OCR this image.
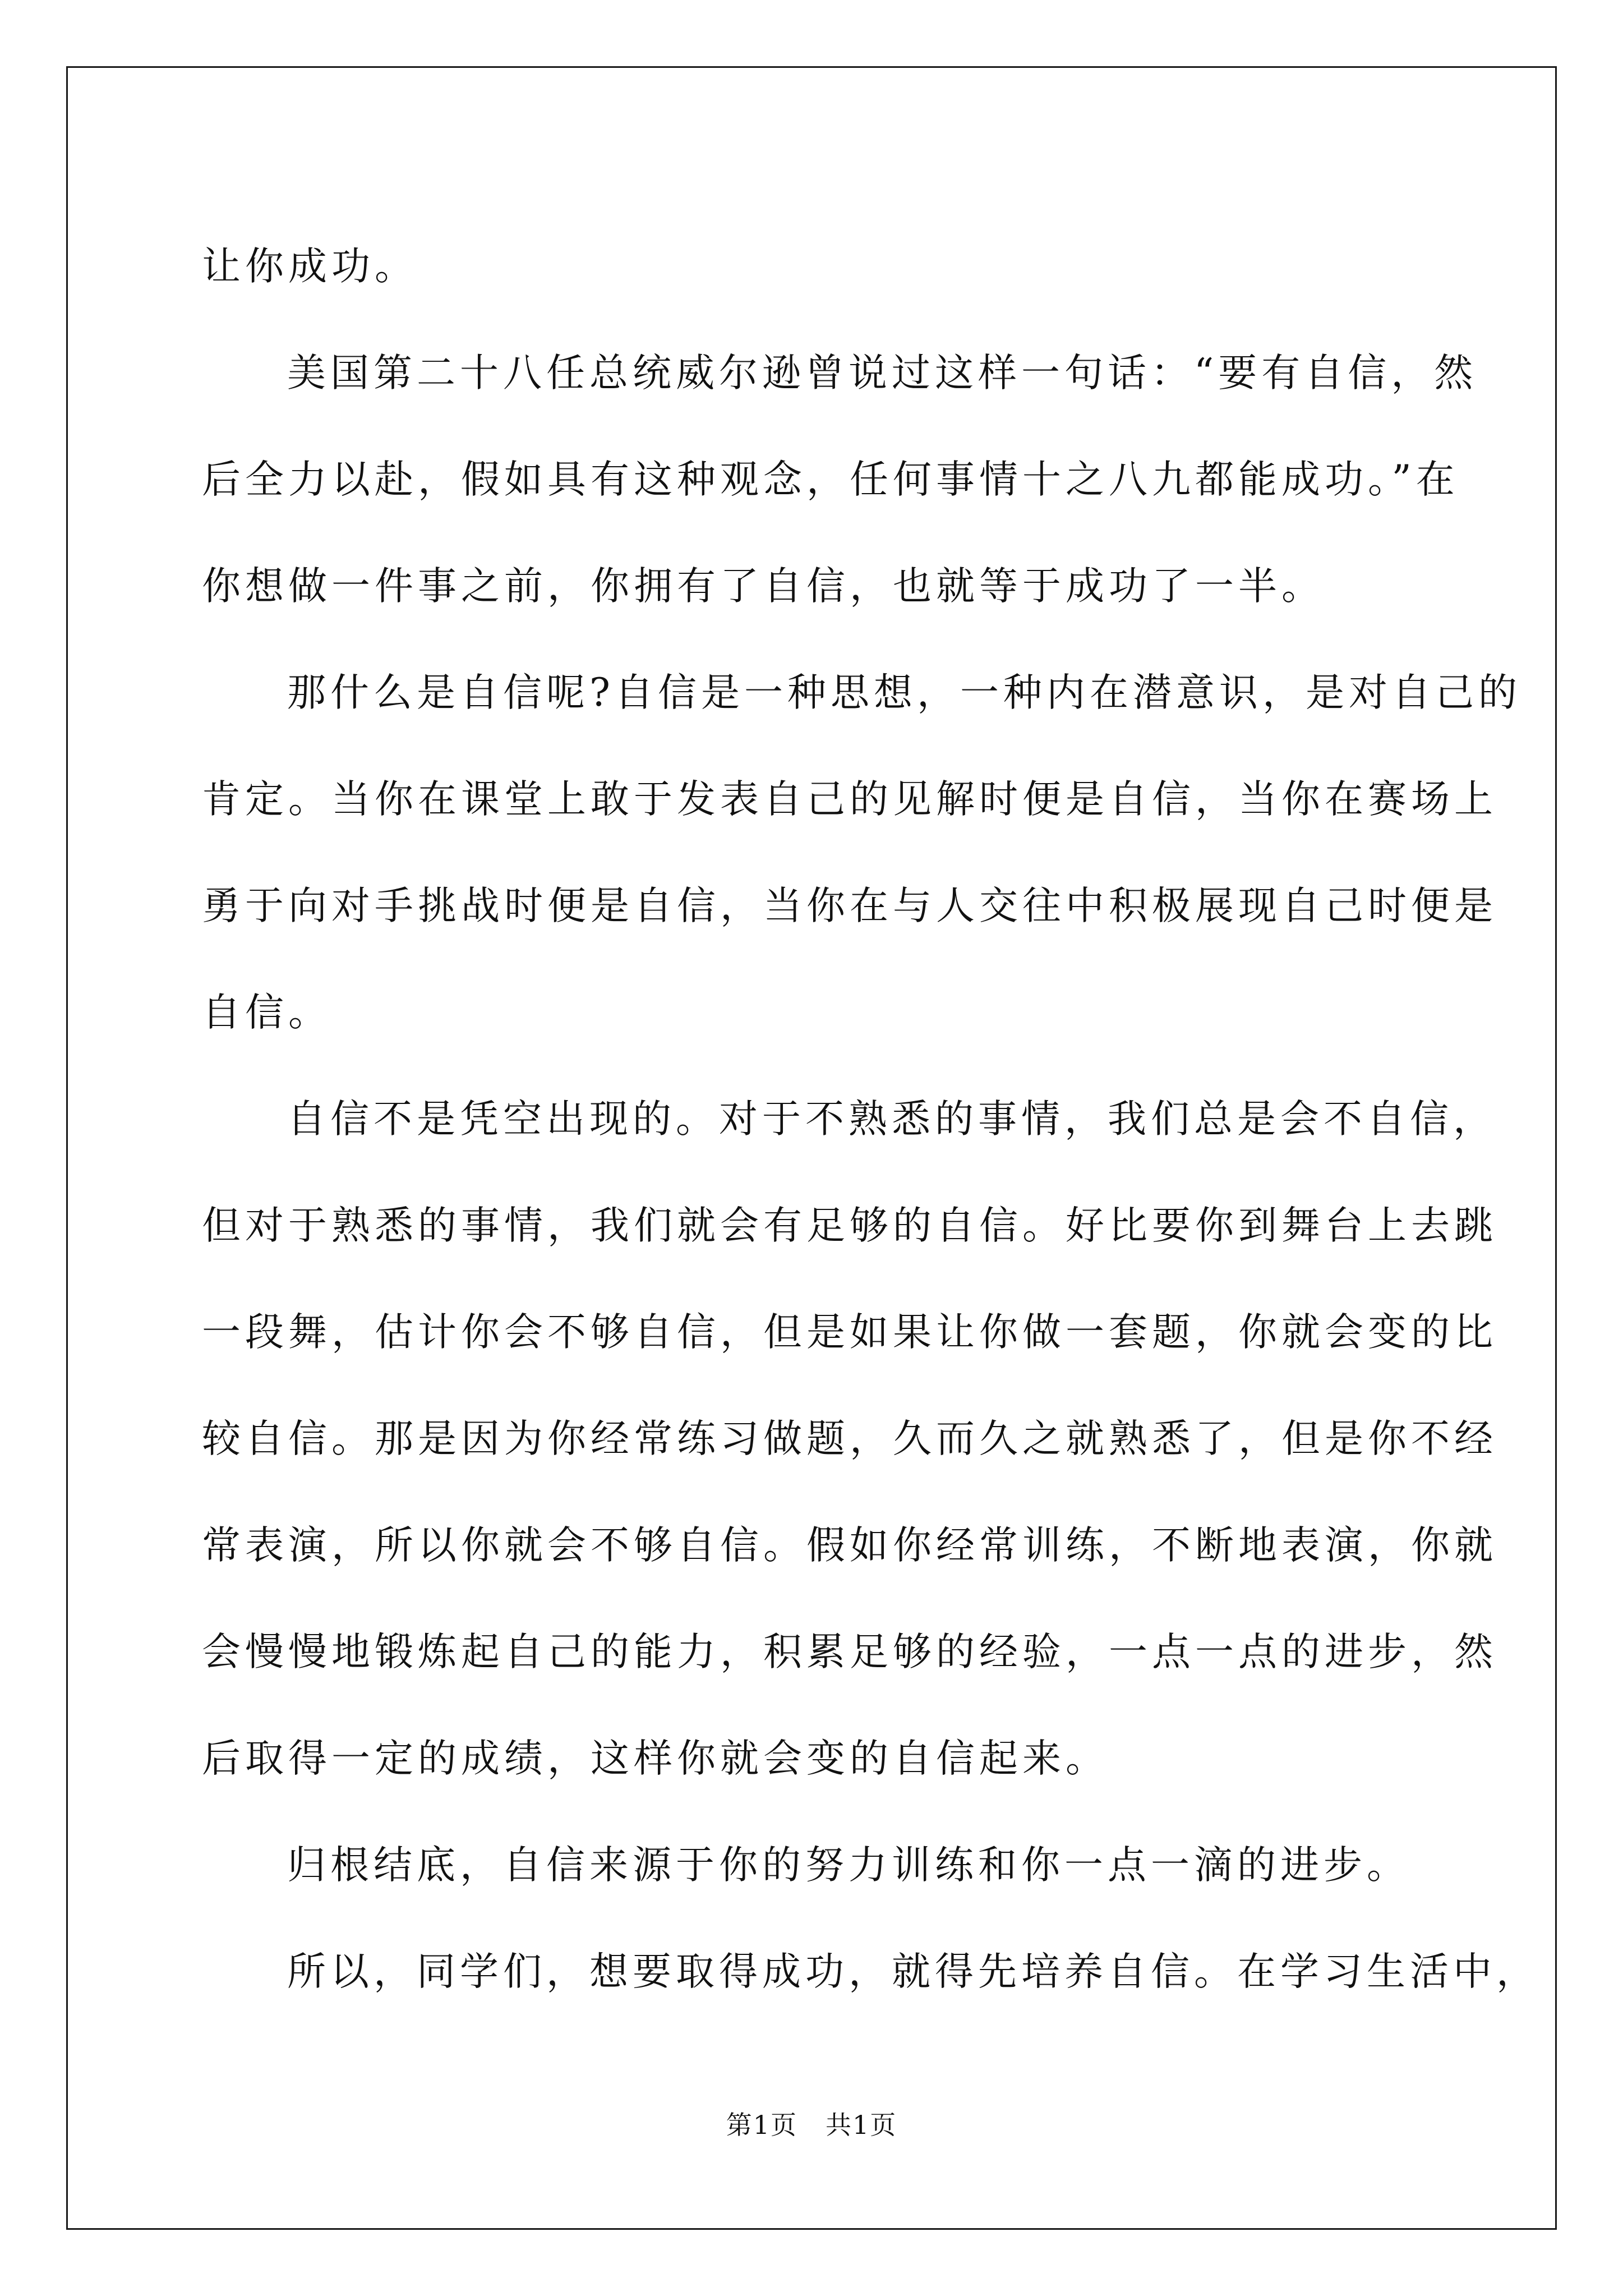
让你成功。
美国第二十八任总统威尔逊曾说过这样一句话：“要有自信，然
后全力以赴，假如具有这种观念，任何事情十之八九都能成功。”在
你想做一件事之前，你拥有了自信，也就等于成功了一半。
那什么是自信呢?自信是一种思想，一种内在潜意识，是对自己的
肯定。当你在课堂上敢于发表自己的见解时便是自信，当你在赛场上
勇于向对手挑战时便是自信，当你在与人交往中积极展现自己时便是
自信。
自信不是凭空出现的。对于不熟悉的事情，我们总是会不自信，
但对于熟悉的事情，我们就会有足够的自信。好比要你到舞台上去跳
一段舞，估计你会不够自信，但是如果让你做一套题，你就会变的比
较自信。那是因为你经常练习做题，久而久之就熟悉了，但是你不经
常表演，所以你就会不够自信。假如你经常训练，不断地表演，你就
会慢慢地锻炼起自己的能力，积累足够的经验，一点一点的进步，然
后取得一定的成绩，这样你就会变的自信起来。
归根结底，自信来源于你的努力训练和你一点一滴的进步。
所以，同学们，想要取得成功，就得先培养自信。在学习生活中，
第1页 共1页
